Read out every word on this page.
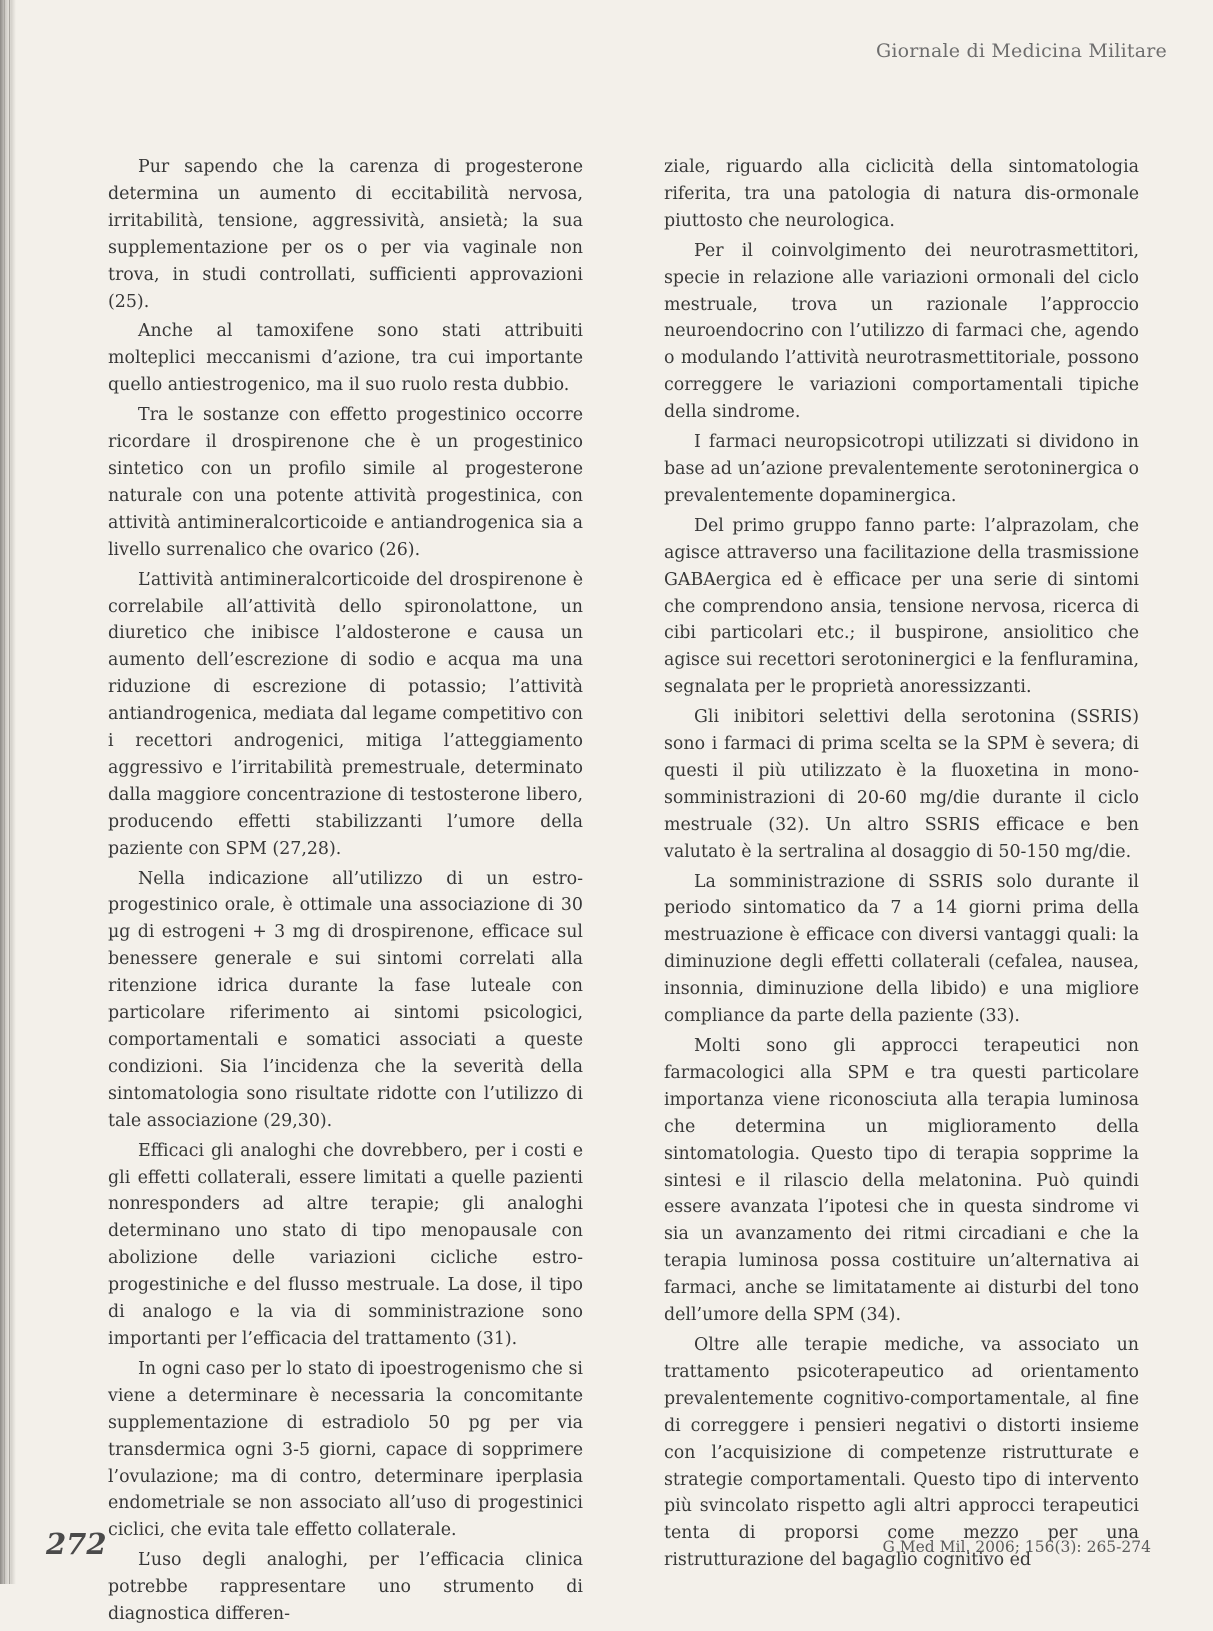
Giornale di Medicina Militare

Pur sapendo che la carenza di progesterone determina un aumento di eccitabilità nervosa, irritabilità, tensione, aggressività, ansietà; la sua supplementazione per os o per via vaginale non trova, in studi controllati, sufficienti approvazioni (25).

Anche al tamoxifene sono stati attribuiti molteplici meccanismi d’azione, tra cui importante quello antiestrogenico, ma il suo ruolo resta dubbio.

Tra le sostanze con effetto progestinico occorre ricordare il drospirenone che è un progestinico sintetico con un profilo simile al progesterone naturale con una potente attività progestinica, con attività antimineralcorticoide e antiandrogenica sia a livello surrenalico che ovarico (26).

L’attività antimineralcorticoide del drospirenone è correlabile all’attività dello spironolattone, un diuretico che inibisce l’aldosterone e causa un aumento dell’escrezione di sodio e acqua ma una riduzione di escrezione di potassio; l’attività antiandrogenica, mediata dal legame competitivo con i recettori androgenici, mitiga l’atteggiamento aggressivo e l’irritabilità premestruale, determinato dalla maggiore concentrazione di testosterone libero, producendo effetti stabilizzanti l’umore della paziente con SPM (27,28).

Nella indicazione all’utilizzo di un estro-progestinico orale, è ottimale una associazione di 30 µg di estrogeni + 3 mg di drospirenone, efficace sul benessere generale e sui sintomi correlati alla ritenzione idrica durante la fase luteale con particolare riferimento ai sintomi psicologici, comportamentali e somatici associati a queste condizioni. Sia l’incidenza che la severità della sintomatologia sono risultate ridotte con l’utilizzo di tale associazione (29,30).

Efficaci gli analoghi che dovrebbero, per i costi e gli effetti collaterali, essere limitati a quelle pazienti nonresponders ad altre terapie; gli analoghi determinano uno stato di tipo menopausale con abolizione delle variazioni cicliche estro-progestiniche e del flusso mestruale. La dose, il tipo di analogo e la via di somministrazione sono importanti per l’efficacia del trattamento (31).

In ogni caso per lo stato di ipoestrogenismo che si viene a determinare è necessaria la concomitante supplementazione di estradiolo 50 pg per via transdermica ogni 3-5 giorni, capace di sopprimere l’ovulazione; ma di contro, determinare iperplasia endometriale se non associato all’uso di progestinici ciclici, che evita tale effetto collaterale.

L’uso degli analoghi, per l’efficacia clinica potrebbe rappresentare uno strumento di diagnostica differen-

ziale, riguardo alla ciclicità della sintomatologia riferita, tra una patologia di natura dis-ormonale piuttosto che neurologica.

Per il coinvolgimento dei neurotrasmettitori, specie in relazione alle variazioni ormonali del ciclo mestruale, trova un razionale l’approccio neuroendocrino con l’utilizzo di farmaci che, agendo o modulando l’attività neurotrasmettitoriale, possono correggere le variazioni comportamentali tipiche della sindrome.

I farmaci neuropsicotropi utilizzati si dividono in base ad un’azione prevalentemente serotoninergica o prevalentemente dopaminergica.

Del primo gruppo fanno parte: l’alprazolam, che agisce attraverso una facilitazione della trasmissione GABAergica ed è efficace per una serie di sintomi che comprendono ansia, tensione nervosa, ricerca di cibi particolari etc.; il buspirone, ansiolitico che agisce sui recettori serotoninergici e la fenfluramina, segnalata per le proprietà anoressizzanti.

Gli inibitori selettivi della serotonina (SSRIS) sono i farmaci di prima scelta se la SPM è severa; di questi il più utilizzato è la fluoxetina in mono-somministrazioni di 20-60 mg/die durante il ciclo mestruale (32). Un altro SSRIS efficace e ben valutato è la sertralina al dosaggio di 50-150 mg/die.

La somministrazione di SSRIS solo durante il periodo sintomatico da 7 a 14 giorni prima della mestruazione è efficace con diversi vantaggi quali: la diminuzione degli effetti collaterali (cefalea, nausea, insonnia, diminuzione della libido) e una migliore compliance da parte della paziente (33).

Molti sono gli approcci terapeutici non farmacologici alla SPM e tra questi particolare importanza viene riconosciuta alla terapia luminosa che determina un miglioramento della sintomatologia. Questo tipo di terapia sopprime la sintesi e il rilascio della melatonina. Può quindi essere avanzata l’ipotesi che in questa sindrome vi sia un avanzamento dei ritmi circadiani e che la terapia luminosa possa costituire un’alternativa ai farmaci, anche se limitatamente ai disturbi del tono dell’umore della SPM (34).

Oltre alle terapie mediche, va associato un trattamento psicoterapeutico ad orientamento prevalentemente cognitivo-comportamentale, al fine di correggere i pensieri negativi o distorti insieme con l’acquisizione di competenze ristrutturate e strategie comportamentali. Questo tipo di intervento più svincolato rispetto agli altri approcci terapeutici tenta di proporsi come mezzo per una ristrutturazione del bagaglio cognitivo ed

272	G Med Mil. 2006; 156(3): 265-274
